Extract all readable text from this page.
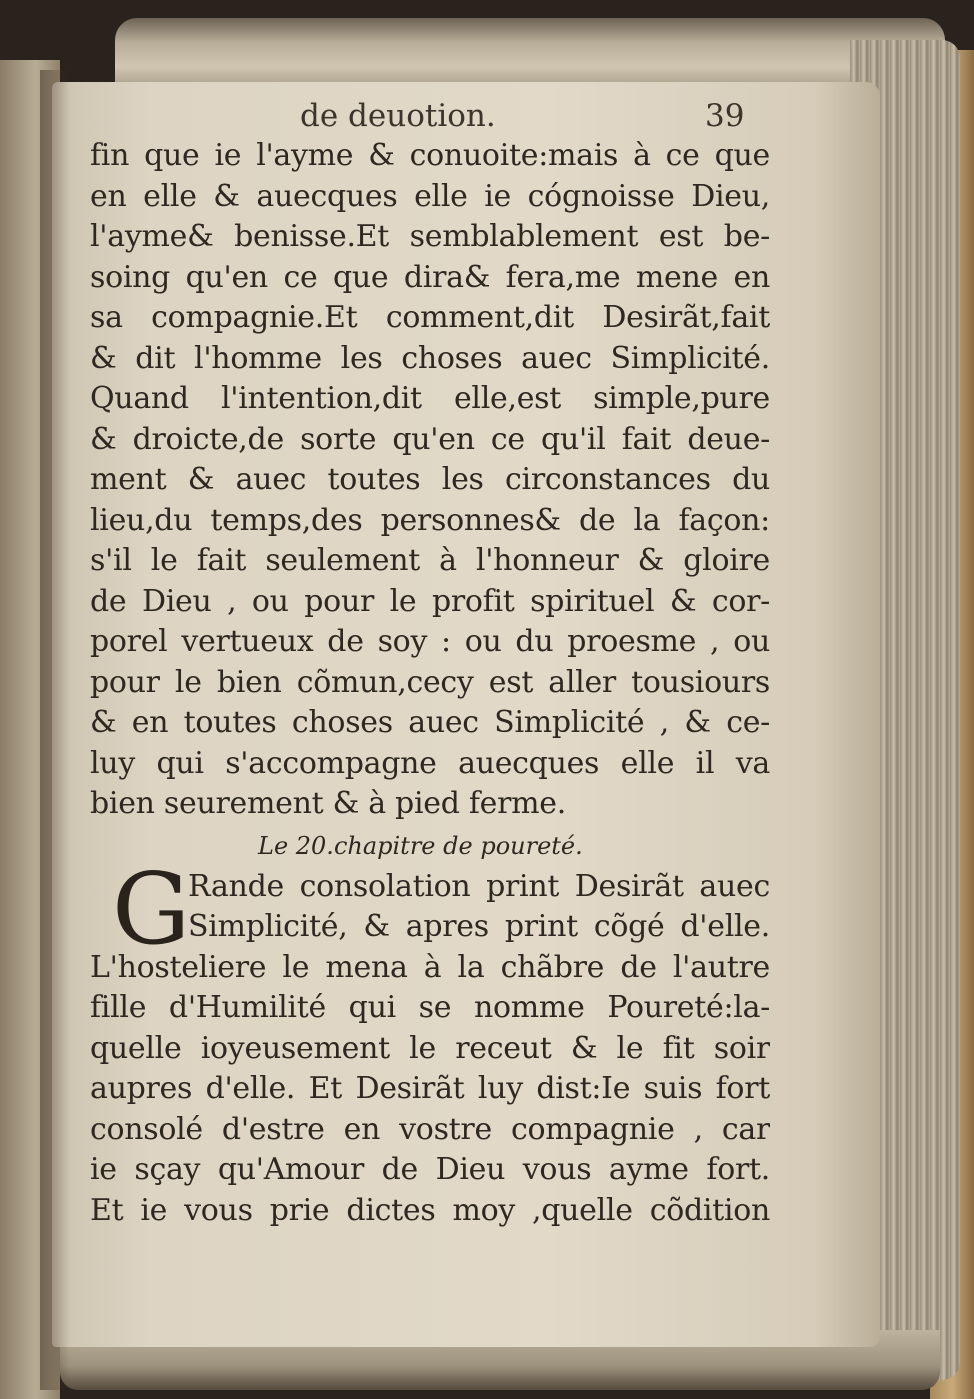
de deuotion.	39
fin que ie l'ayme & conuoite:mais à ce que
en elle & auecques elle ie cógnoisse Dieu,
l'ayme& benisse.Et semblablement est be-
soing qu'en ce que dira& fera,me mene en
sa compagnie.Et comment,dit Desirãt,fait
& dit l'homme les choses auec Simplicité.
Quand l'intention,dit elle,est simple,pure
& droicte,de sorte qu'en ce qu'il fait deue-
ment & auec toutes les circonstances du
lieu,du temps,des personnes& de la façon:
s'il le fait seulement à l'honneur & gloire
de Dieu , ou pour le profit spirituel & cor-
porel vertueux de soy : ou du proesme , ou
pour le bien cõmun,cecy est aller tousiours
& en toutes choses auec Simplicité , & ce-
luy qui s'accompagne auecques elle il va
bien seurement & à pied ferme.
Le 20.chapitre de poureté.
G
Rande consolation print Desirãt auec
Simplicité, & apres print cõgé d'elle.
L'hosteliere le mena à la chãbre de l'autre
fille d'Humilité qui se nomme Poureté:la-
quelle ioyeusement le receut & le fit soir
aupres d'elle. Et Desirãt luy dist:Ie suis fort
consolé d'estre en vostre compagnie , car
ie sçay qu'Amour de Dieu vous ayme fort.
Et ie vous prie dictes moy ,quelle cõdition
